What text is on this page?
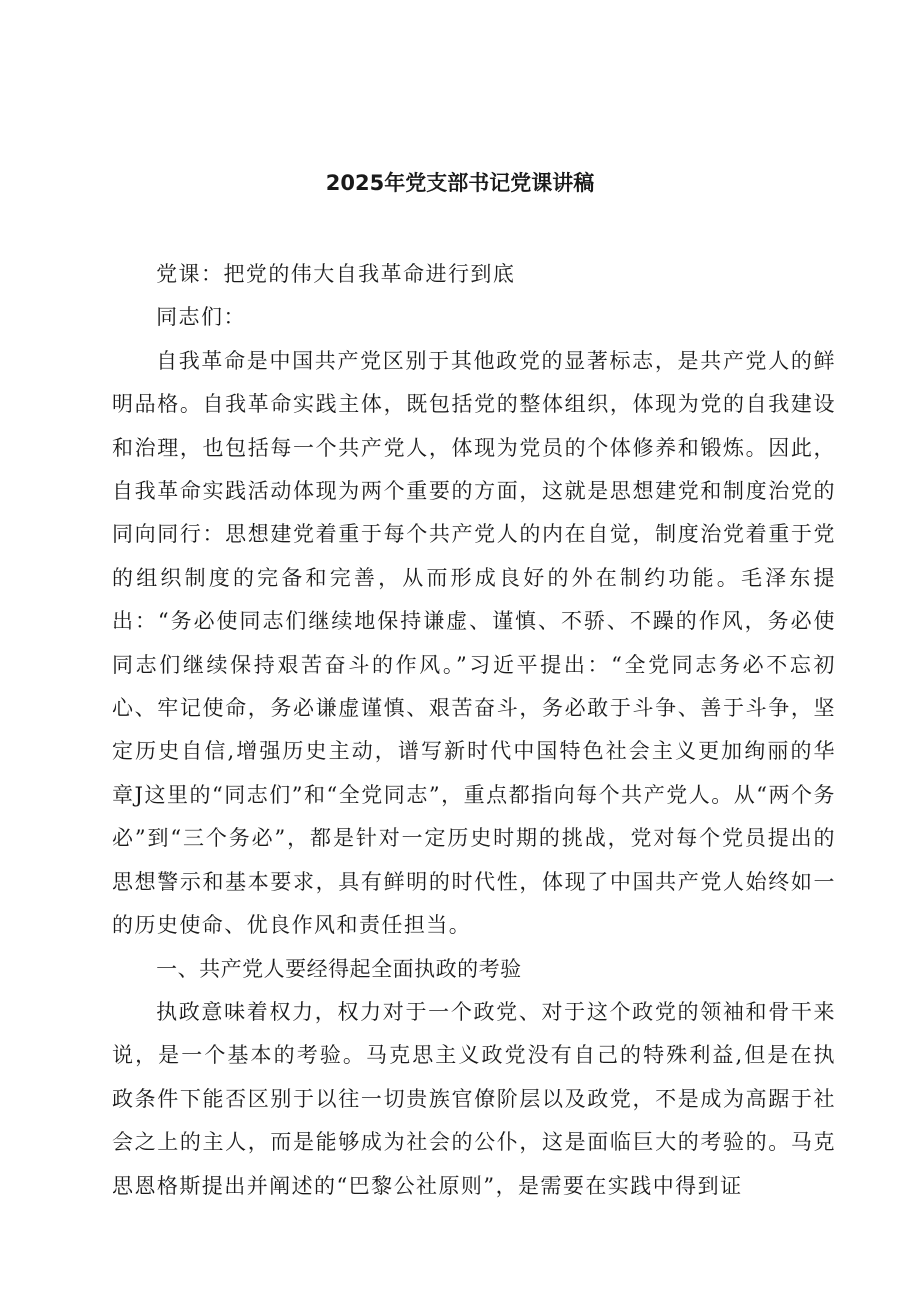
2025年党支部书记党课讲稿

党课：把党的伟大自我革命进行到底

同志们：

自我革命是中国共产党区别于其他政党的显著标志，是共产党人的鲜明品格。自我革命实践主体，既包括党的整体组织，体现为党的自我建设和治理，也包括每一个共产党人，体现为党员的个体修养和锻炼。因此，自我革命实践活动体现为两个重要的方面，这就是思想建党和制度治党的同向同行：思想建党着重于每个共产党人的内在自觉，制度治党着重于党的组织制度的完备和完善，从而形成良好的外在制约功能。毛泽东提出：“务必使同志们继续地保持谦虚、谨慎、不骄、不躁的作风，务必使同志们继续保持艰苦奋斗的作风。”习近平提出：“全党同志务必不忘初心、牢记使命，务必谦虚谨慎、艰苦奋斗，务必敢于斗争、善于斗争，坚定历史自信,增强历史主动，谱写新时代中国特色社会主义更加绚丽的华章J这里的“同志们”和“全党同志”，重点都指向每个共产党人。从“两个务必”到“三个务必”，都是针对一定历史时期的挑战，党对每个党员提出的思想警示和基本要求，具有鲜明的时代性，体现了中国共产党人始终如一的历史使命、优良作风和责任担当。

一、共产党人要经得起全面执政的考验

执政意味着权力，权力对于一个政党、对于这个政党的领袖和骨干来说，是一个基本的考验。马克思主义政党没有自己的特殊利益,但是在执政条件下能否区别于以往一切贵族官僚阶层以及政党，不是成为高踞于社会之上的主人，而是能够成为社会的公仆，这是面临巨大的考验的。马克思恩格斯提出并阐述的“巴黎公社原则”，是需要在实践中得到证
